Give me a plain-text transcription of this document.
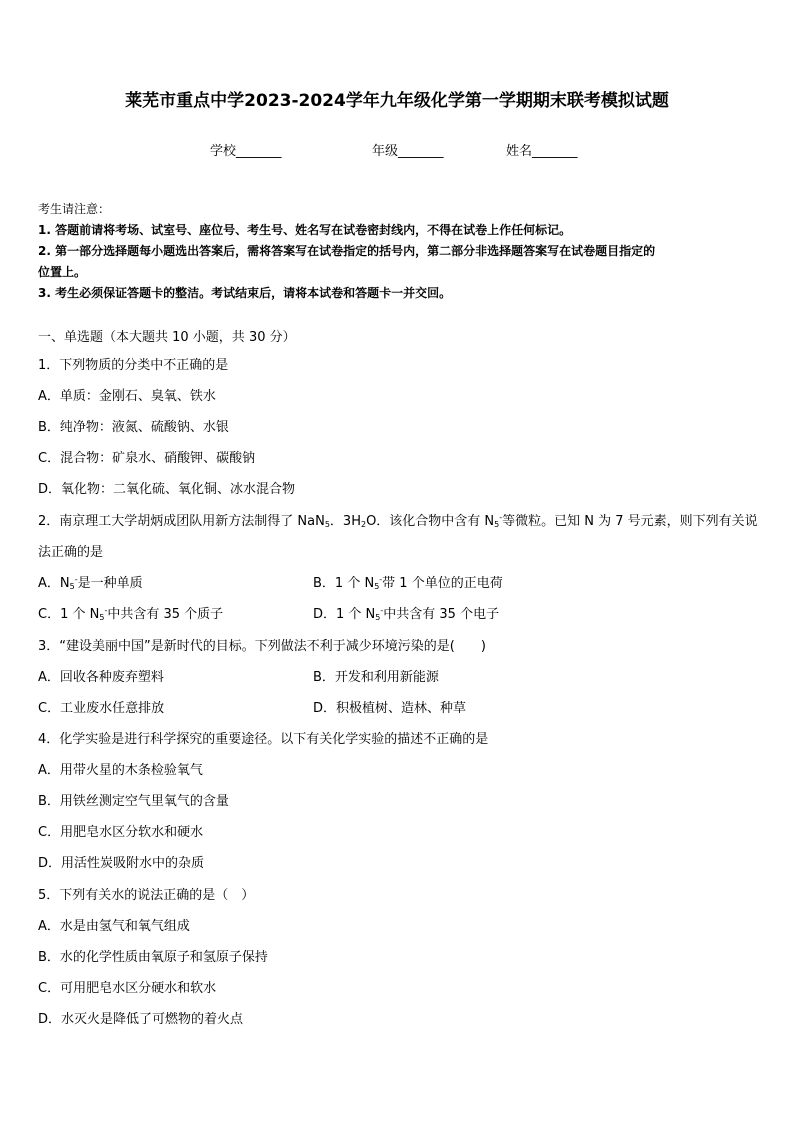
莱芜市重点中学2023-2024学年九年级化学第一学期期末联考模拟试题
学校_______	年级_______	姓名_______
考生请注意：
1. 答题前请将考场、试室号、座位号、考生号、姓名写在试卷密封线内，不得在试卷上作任何标记。
2. 第一部分选择题每小题选出答案后，需将答案写在试卷指定的括号内，第二部分非选择题答案写在试卷题目指定的
位置上。
3. 考生必须保证答题卡的整洁。考试结束后，请将本试卷和答题卡一并交回。
一、单选题（本大题共 10 小题，共 30 分）
1．下列物质的分类中不正确的是
A．单质：金刚石、臭氧、铁水
B．纯净物：液氮、硫酸钠、水银
C．混合物：矿泉水、硝酸钾、碳酸钠
D．氧化物：二氧化硫、氧化铜、冰水混合物
2．南京理工大学胡炳成团队用新方法制得了 NaN$_5$．$3H_2O$．该化合物中含有 $N_5^-$等微粒。已知 N 为 7 号元素，则下列有关说
法正确的是
A．$N_5^-$是一种单质	B．1 个 $N_5^-$带 1 个单位的正电荷
C．1 个 $N_5^-$中共含有 35 个质子	D．1 个 $N_5^-$中共含有 35 个电子
3．“建设美丽中国”是新时代的目标。下列做法不利于减少环境污染的是(　　)
A．回收各种废弃塑料	B．开发和利用新能源
C．工业废水任意排放	D．积极植树、造林、种草
4．化学实验是进行科学探究的重要途径。以下有关化学实验的描述不正确的是
A．用带火星的木条检验氧气
B．用铁丝测定空气里氧气的含量
C．用肥皂水区分软水和硬水
D．用活性炭吸附水中的杂质
5．下列有关水的说法正确的是（　）
A．水是由氢气和氧气组成
B．水的化学性质由氧原子和氢原子保持
C．可用肥皂水区分硬水和软水
D．水灭火是降低了可燃物的着火点
